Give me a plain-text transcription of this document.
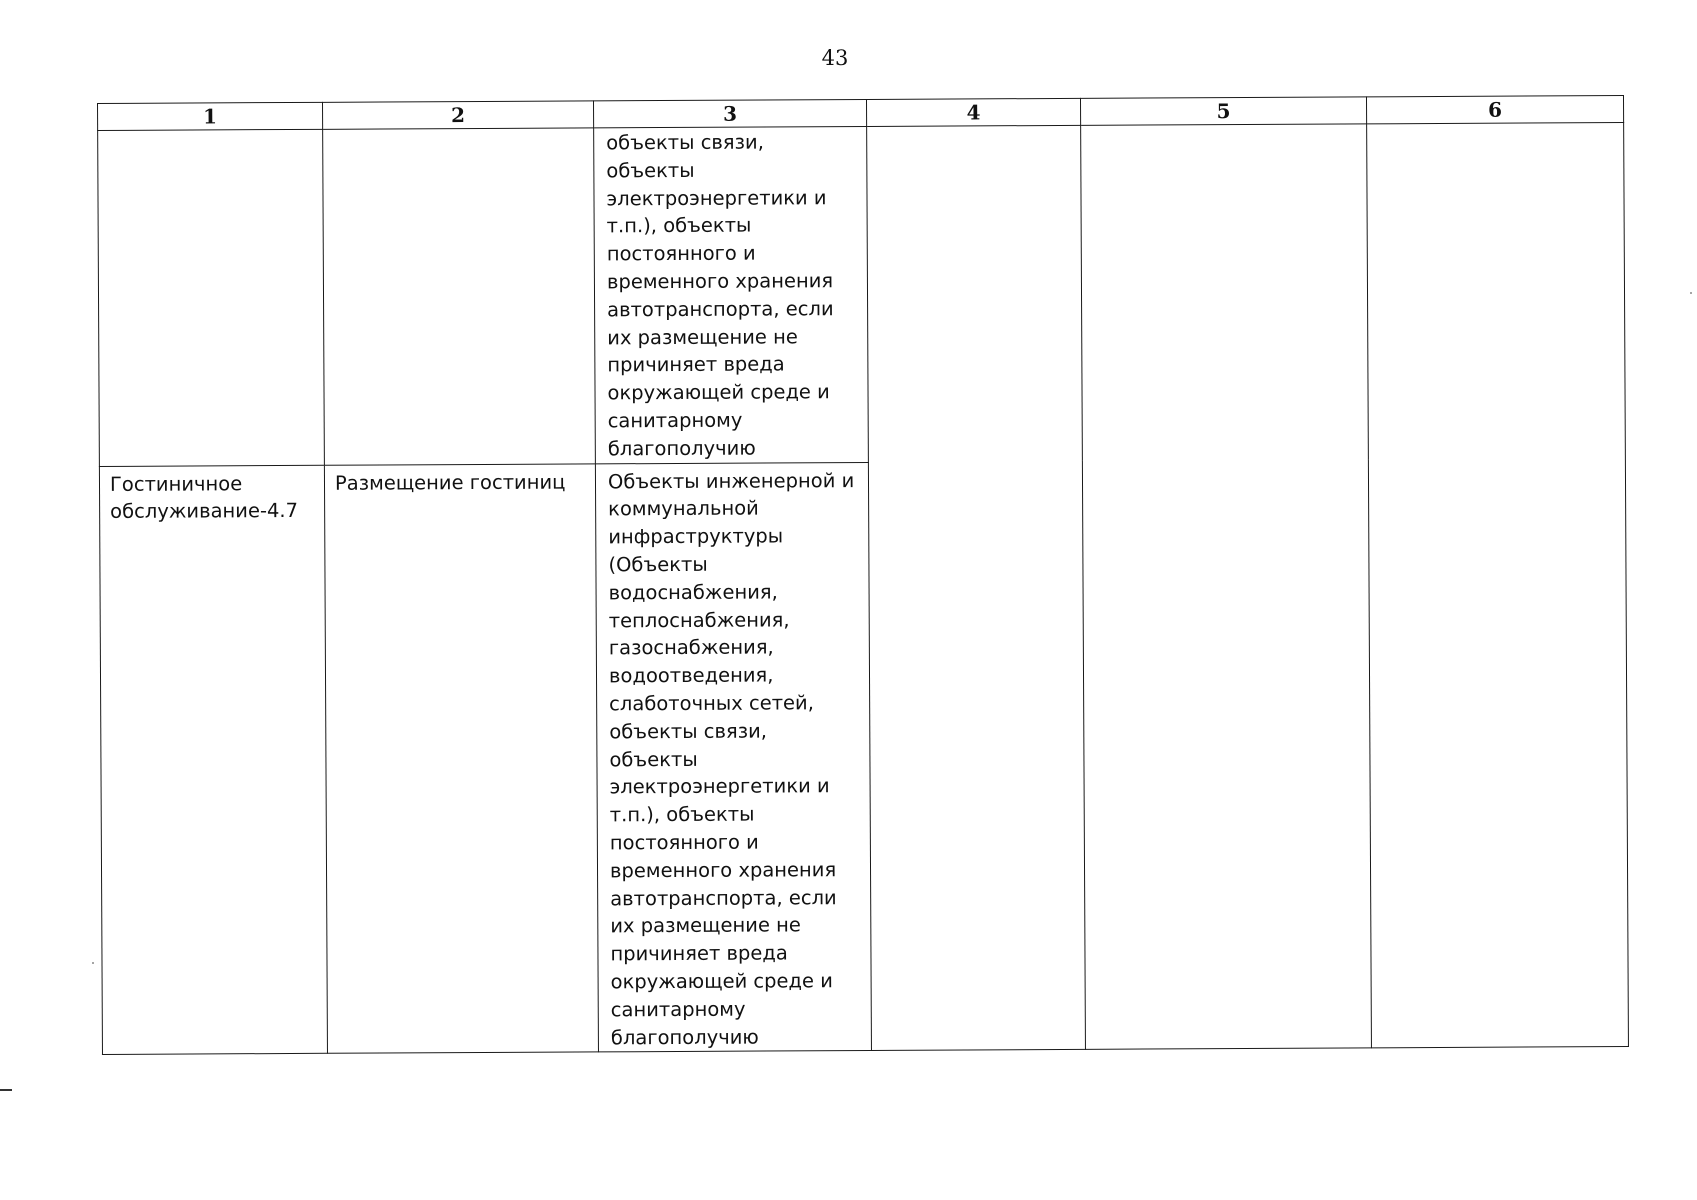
43
1	2	3	4	5	6

		объекты связи, объекты электроэнергетики и т.п.), объекты постоянного и временного хранения автотранспорта, если их размещение не причиняет вреда окружающей среде и санитарному благополучию			

Гостиничное обслуживание-4.7	Размещение гостиниц	Объекты инженерной и коммунальной инфраструктуры (Объекты водоснабжения, теплоснабжения, газоснабжения, водоотведения, слаботочных сетей, объекты связи, объекты электроэнергетики и т.п.), объекты постоянного и временного хранения автотранспорта, если их размещение не причиняет вреда окружающей среде и санитарному благополучию			
